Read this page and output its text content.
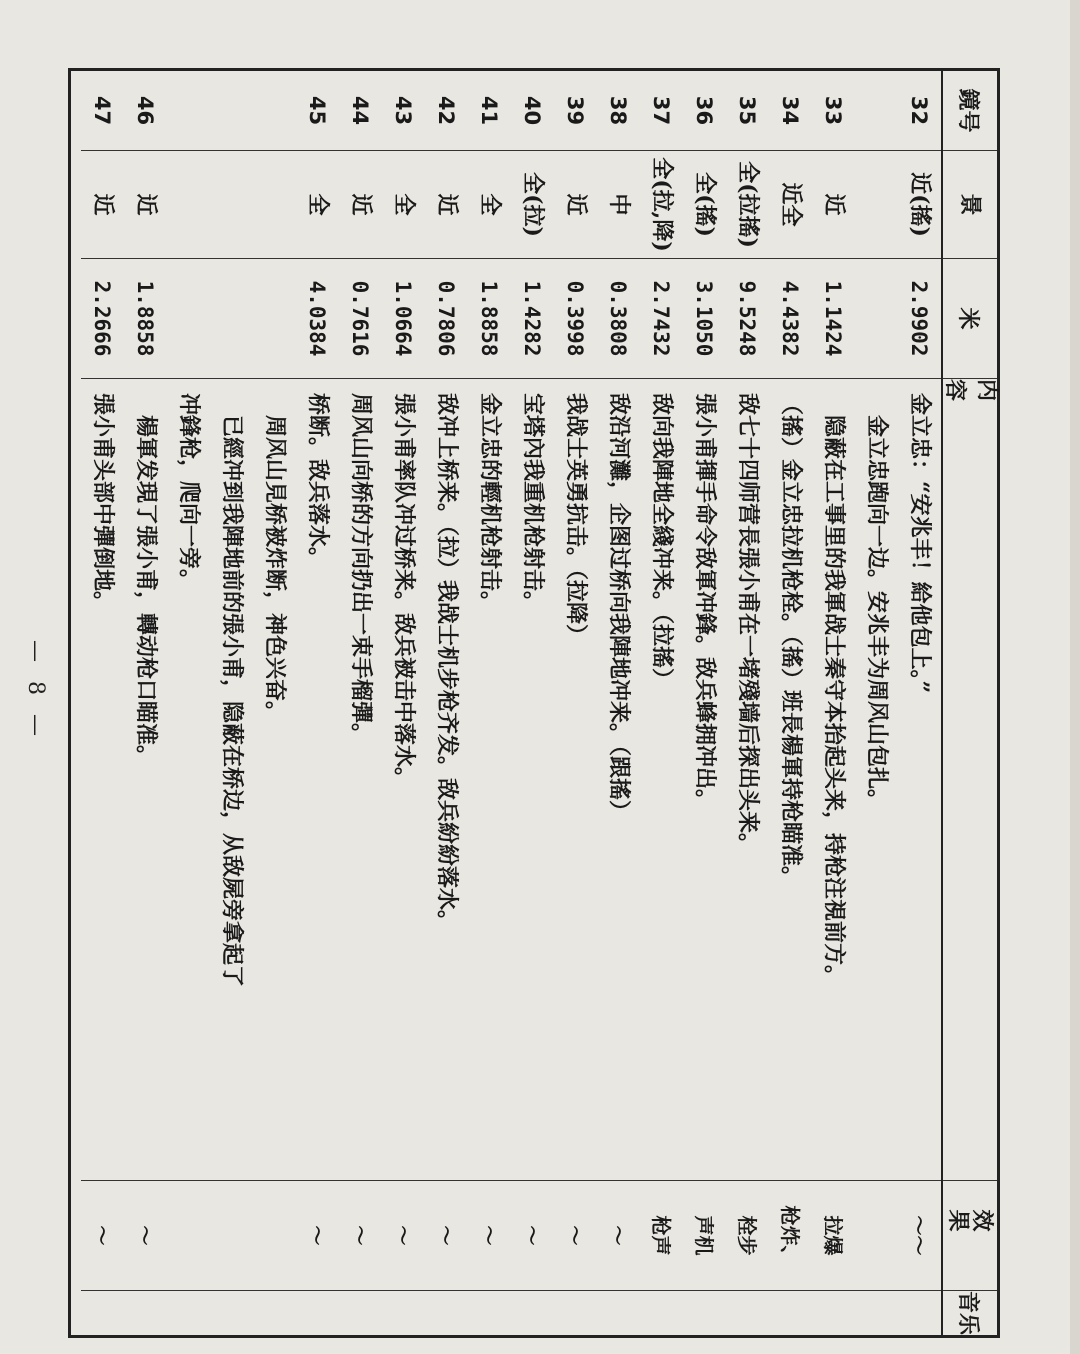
— 8 —
鏡号
景
米
内 容
效 果
音乐
32
近(搖)
2.9902
金立忠：“安兆丰！給他包上。”
～～
　金立忠跑向一边。安兆丰为周风山包扎。
33
近
1.1424
　隐蔽在工事里的我軍战士秦守本抬起头来，持枪注視前方。
拉爆
34
近全
4.4382
（搖）金立忠拉机枪栓。（搖）班長楊軍持枪瞄准。
枪炸、
35
全(拉搖)
9.5248
敌七十四师营長張小甫在一堵殘墙后探出头来。
栓步
36
全(搖)
3.1050
張小甫揮手命令敌軍冲鋒。敌兵蜂拥冲出。
声机
37
全(拉,降)
2.7432
敌向我陣地全綫冲来。（拉搖）
枪声
38
中
0.3808
敌沿河灘，企图过桥向我陣地冲来。（跟搖）
～
39
近
0.3998
我战士英勇抗击。（拉降）
～
40
全(拉)
1.4282
宝塔內我重机枪射击。
～
41
全
1.8858
金立忠的輕机枪射击。
～
42
近
0.7806
敌冲上桥来。（拉）我战士机步枪齐发。敌兵紛紛落水。
～
43
全
1.0664
張小甫率队冲过桥来。敌兵被击中落水。
～
44
近
0.7616
周风山向桥的方向扔出一束手榴彈。
～
45
全
4.0384
桥断。敌兵落水。
～
　周风山見桥被炸断，神色兴奋。
　已經冲到我陣地前的張小甫，隐蔽在桥边，从敌屍旁拿起了
冲鋒枪，爬向一旁。
46
近
1.8858
　楊軍发現了張小甫，轉动枪口瞄准。
～
47
近
2.2666
張小甫头部中彈倒地。
～
